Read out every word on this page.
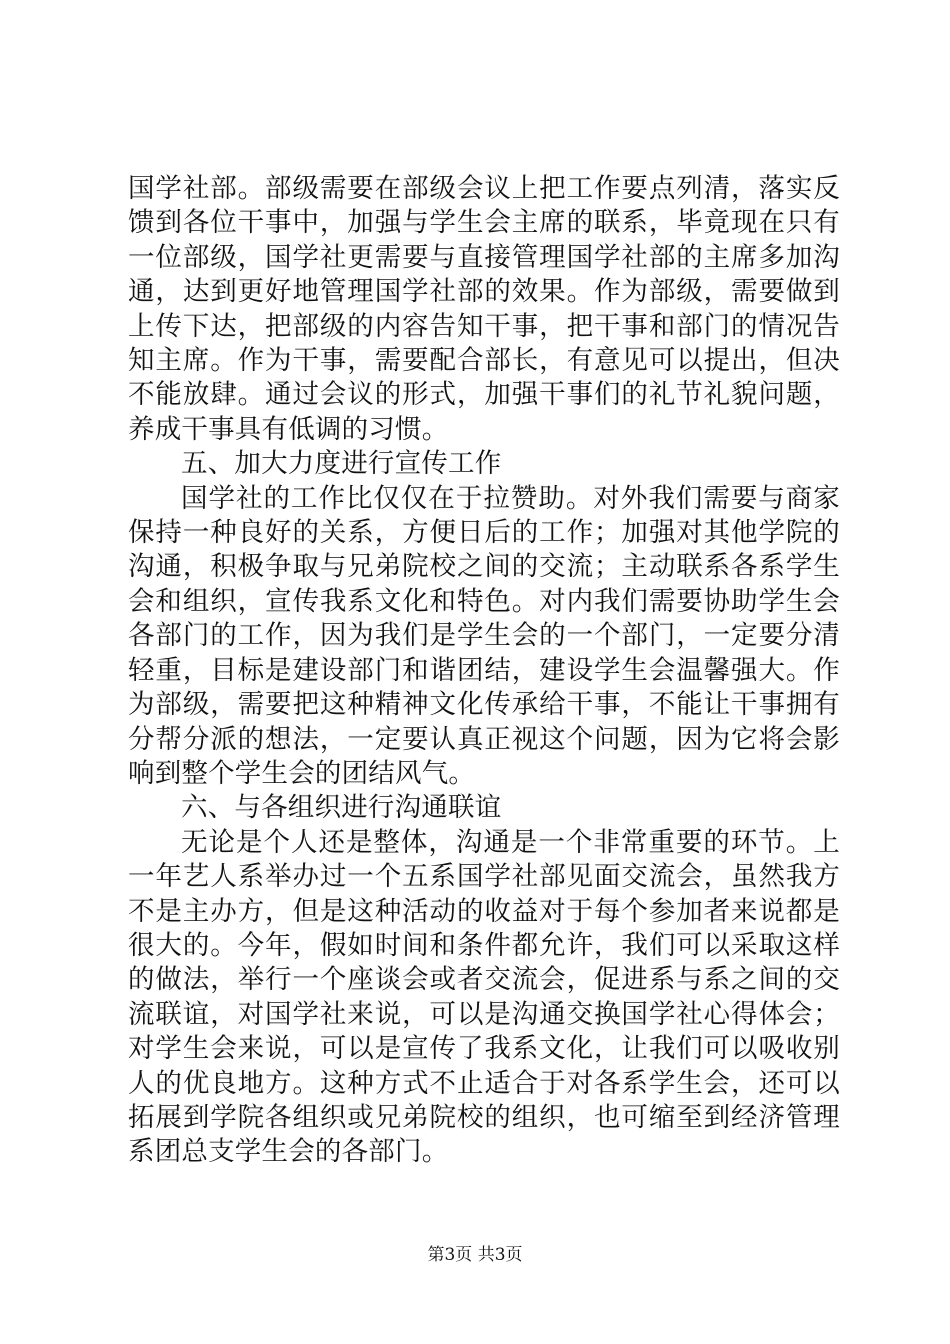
国学社部。部级需要在部级会议上把工作要点列清，落实反馈到各位干事中，加强与学生会主席的联系，毕竟现在只有一位部级，国学社更需要与直接管理国学社部的主席多加沟通，达到更好地管理国学社部的效果。作为部级，需要做到上传下达，把部级的内容告知干事，把干事和部门的情况告知主席。作为干事，需要配合部长，有意见可以提出，但决不能放肆。通过会议的形式，加强干事们的礼节礼貌问题，养成干事具有低调的习惯。

五、加大力度进行宣传工作

国学社的工作比仅仅在于拉赞助。对外我们需要与商家保持一种良好的关系，方便日后的工作；加强对其他学院的沟通，积极争取与兄弟院校之间的交流；主动联系各系学生会和组织，宣传我系文化和特色。对内我们需要协助学生会各部门的工作，因为我们是学生会的一个部门，一定要分清轻重，目标是建设部门和谐团结，建设学生会温馨强大。作为部级，需要把这种精神文化传承给干事，不能让干事拥有分帮分派的想法，一定要认真正视这个问题，因为它将会影响到整个学生会的团结风气。

六、与各组织进行沟通联谊

无论是个人还是整体，沟通是一个非常重要的环节。上一年艺人系举办过一个五系国学社部见面交流会，虽然我方不是主办方，但是这种活动的收益对于每个参加者来说都是很大的。今年，假如时间和条件都允许，我们可以采取这样的做法，举行一个座谈会或者交流会，促进系与系之间的交流联谊，对国学社来说，可以是沟通交换国学社心得体会；对学生会来说，可以是宣传了我系文化，让我们可以吸收别人的优良地方。这种方式不止适合于对各系学生会，还可以拓展到学院各组织或兄弟院校的组织，也可缩至到经济管理系团总支学生会的各部门。

第3页 共3页
